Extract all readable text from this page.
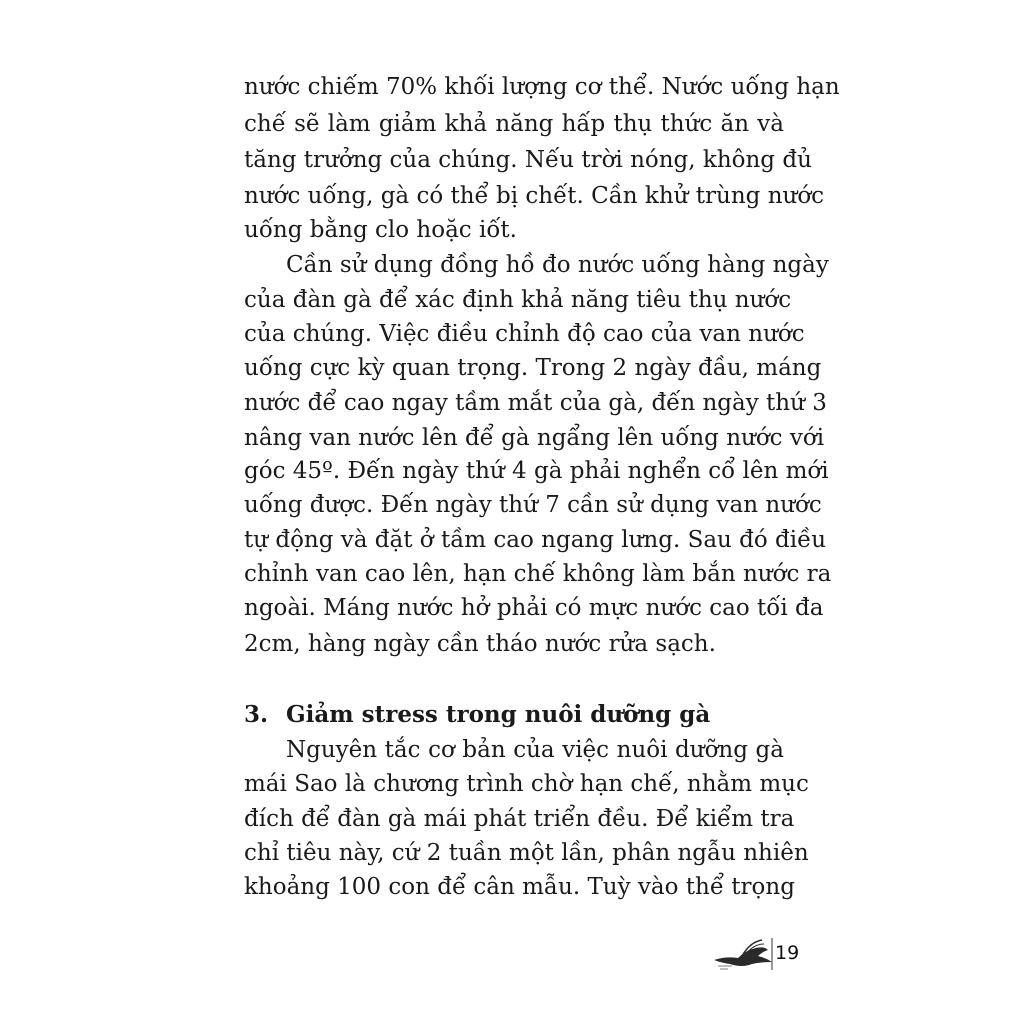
nước chiếm 70% khối lượng cơ thể. Nước uống hạn
chế sẽ làm giảm khả năng hấp thụ thức ăn và
tăng trưởng của chúng. Nếu trời nóng, không đủ
nước uống, gà có thể bị chết. Cần khử trùng nước
uống bằng clo hoặc iốt.
Cần sử dụng đồng hồ đo nước uống hàng ngày
của đàn gà để xác định khả năng tiêu thụ nước
của chúng. Việc điều chỉnh độ cao của van nước
uống cực kỳ quan trọng. Trong 2 ngày đầu, máng
nước để cao ngay tầm mắt của gà, đến ngày thứ 3
nâng van nước lên để gà ngẩng lên uống nước với
góc 45º. Đến ngày thứ 4 gà phải nghển cổ lên mới
uống được. Đến ngày thứ 7 cần sử dụng van nước
tự động và đặt ở tầm cao ngang lưng. Sau đó điều
chỉnh van cao lên, hạn chế không làm bắn nước ra
ngoài. Máng nước hở phải có mực nước cao tối đa
2cm, hàng ngày cần tháo nước rửa sạch.
3. Giảm stress trong nuôi dưỡng gà
Nguyên tắc cơ bản của việc nuôi dưỡng gà
mái Sao là chương trình chờ hạn chế, nhằm mục
đích để đàn gà mái phát triển đều. Để kiểm tra
chỉ tiêu này, cứ 2 tuần một lần, phân ngẫu nhiên
khoảng 100 con để cân mẫu. Tuỳ vào thể trọng
19
